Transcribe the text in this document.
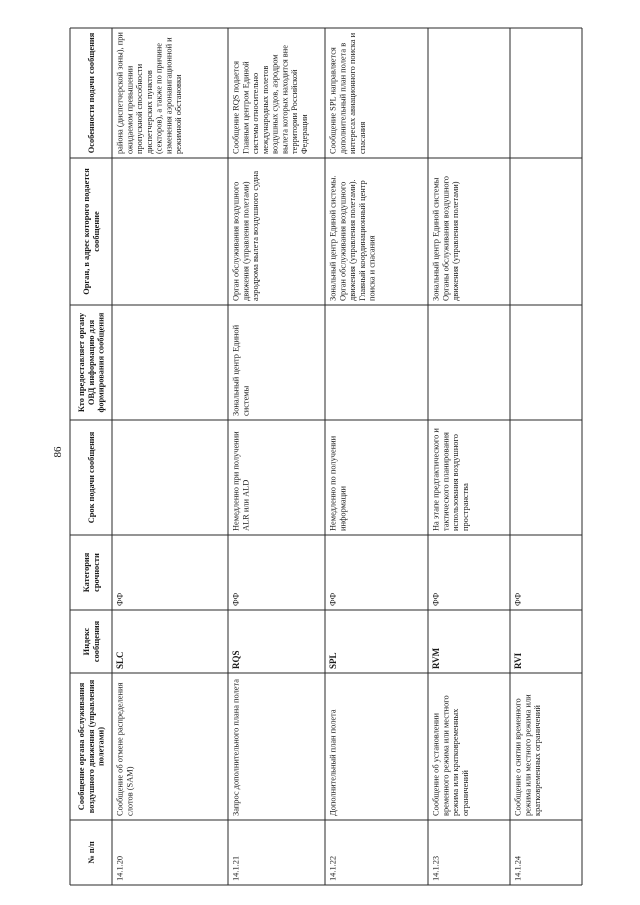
86
№ п/п
Сообщение органа обслуживаниявоздушного движения (управленияполетами)
Индекссообщения
Категориясрочности
Срок подачи сообщения
Кто предоставляет органуОВД информацию дляформирования сообщения
Орган, в адрес которого подаетсясообщение
Особенности подачи сообщения
14.1.20
Сообщение об отмене распределенияслотов (SAM)
SLC
ФФ
района (диспетчерской зоны), приожидаемом превышениипропускной способностидиспетчерских пунктов(секторов), а также по причинеизменения аэронавигационной ирежимной обстановки
14.1.21
Запрос дополнительного плана полета
RQS
ФФ
Немедленно при полученииALR или ALD
Зональный центр Единойсистемы
Орган обслуживания воздушногодвижения (управления полетами)аэродрома вылета воздушного судна
Сообщение RQS подаетсяГлавным центром Единойсистемы относительномеждународных полетоввоздушных судов, аэродромвылета которых находится внетерритории РоссийскойФедерации
14.1.22
Дополнительный план полета
SPL
ФФ
Немедленно по полученииинформации
Зональный центр Единой системы.Орган обслуживания воздушногодвижения (управления полетами).Главный координационный центрпоиска и спасания
Сообщение SPL направляетсядополнительный план полета винтересах авиационного поиска испасания
14.1.23
Сообщение об установлениивременного режима или местногорежима или кратковременныхограничений
RVM
ФФ
На этапе предтактического итактического планированияиспользования воздушногопространства
Зональный центр Единой системыОрганы обслуживания воздушногодвижения (управления полетами)
14.1.24
Сообщение о снятии временногорежима или местного режима иликратковременных ограничений
RVI
ФФ
